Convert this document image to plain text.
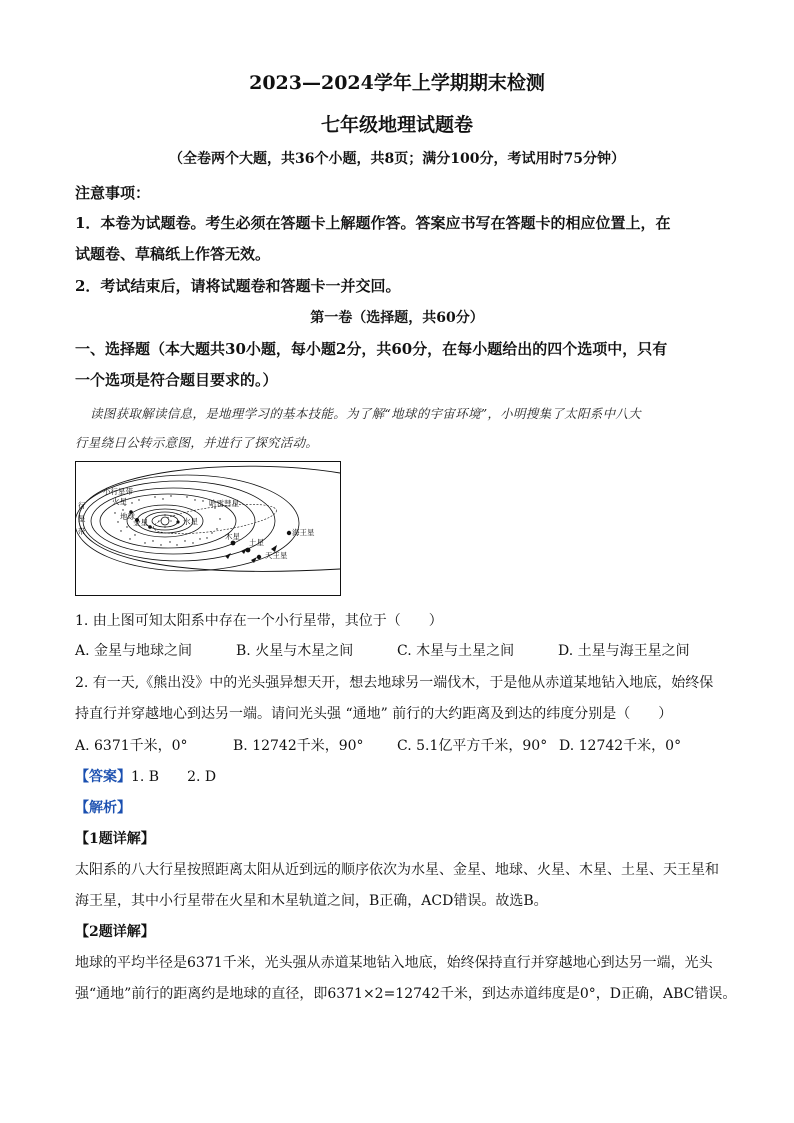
2023—2024学年上学期期末检测
七年级地理试题卷
（全卷两个大题，共36个小题，共8页；满分100分，考试用时75分钟）
注意事项：
1．本卷为试题卷。考生必须在答题卡上解题作答。答案应书写在答题卡的相应位置上，在
试题卷、草稿纸上作答无效。
2．考试结束后，请将试题卷和答题卡一并交回。
第一卷（选择题，共60分）
一、选择题（本大题共30小题，每小题2分，共60分，在每小题给出的四个选项中，只有
一个选项是符合题目要求的。）
读图获取解读信息，是地理学习的基本技能。为了解“地球的宇宙环境”，小明搜集了太阳系中八大
行星绕日公转示意图，并进行了探究活动。
行
星
带
小行星带
火星
地球
金星	水星
哈雷彗星
木星
土星
天王星
海王星
1. 由上图可知太阳系中存在一个小行星带，其位于（　　）
A. 金星与地球之间	B. 火星与木星之间	C. 木星与土星之间	D. 土星与海王星之间
2. 有一天,《熊出没》中的光头强异想天开，想去地球另一端伐木，于是他从赤道某地钻入地底，始终保
持直行并穿越地心到达另一端。请问光头强 “通地” 前行的大约距离及到达的纬度分别是（　　）
A. 6371千米，0°	B. 12742千米，90° C. 5.1亿平方千米，90° D. 12742千米，0°
【答案】1. B　　2. D
【解析】
【1题详解】
太阳系的八大行星按照距离太阳从近到远的顺序依次为水星、金星、地球、火星、木星、土星、天王星和
海王星，其中小行星带在火星和木星轨道之间，B正确，ACD错误。故选B。
【2题详解】
地球的平均半径是6371千米，光头强从赤道某地钻入地底，始终保持直行并穿越地心到达另一端，光头
强“通地”前行的距离约是地球的直径，即6371×2=12742千米，到达赤道纬度是0°，D正确，ABC错误。
